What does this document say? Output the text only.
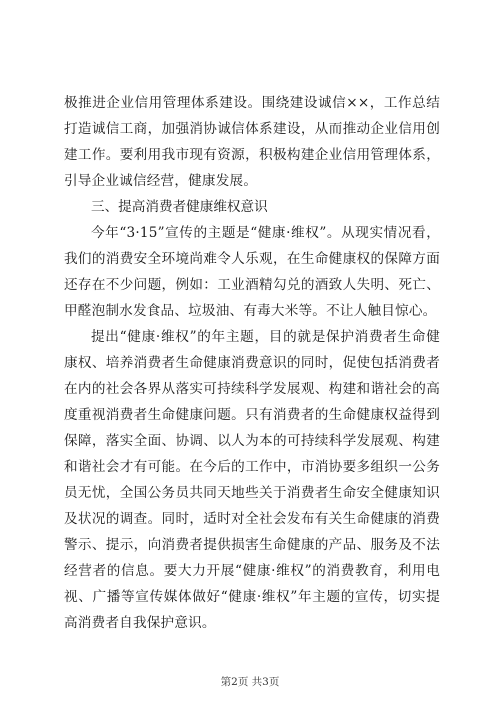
极推进企业信用管理体系建设。围绕建设诚信××，工作总结打造诚信工商，加强消协诚信体系建设，从而推动企业信用创建工作。要利用我市现有资源，积极构建企业信用管理体系，引导企业诚信经营，健康发展。

三、提高消费者健康维权意识

今年“3·15”宣传的主题是“健康·维权”。从现实情况看，我们的消费安全环境尚难令人乐观，在生命健康权的保障方面还存在不少问题，例如：工业酒精勾兑的酒致人失明、死亡、甲醛泡制水发食品、垃圾油、有毒大米等。不让人触目惊心。

提出“健康·维权”的年主题，目的就是保护消费者生命健康权、培养消费者生命健康消费意识的同时，促使包括消费者在内的社会各界从落实可持续科学发展观、构建和谐社会的高度重视消费者生命健康问题。只有消费者的生命健康权益得到保障，落实全面、协调、以人为本的可持续科学发展观、构建和谐社会才有可能。在今后的工作中，市消协要多组织一公务员无忧，全国公务员共同天地些关于消费者生命安全健康知识及状况的调查。同时，适时对全社会发布有关生命健康的消费警示、提示，向消费者提供损害生命健康的产品、服务及不法经营者的信息。要大力开展“健康·维权”的消费教育，利用电视、广播等宣传媒体做好“健康·维权”年主题的宣传，切实提高消费者自我保护意识。

第2页 共3页
